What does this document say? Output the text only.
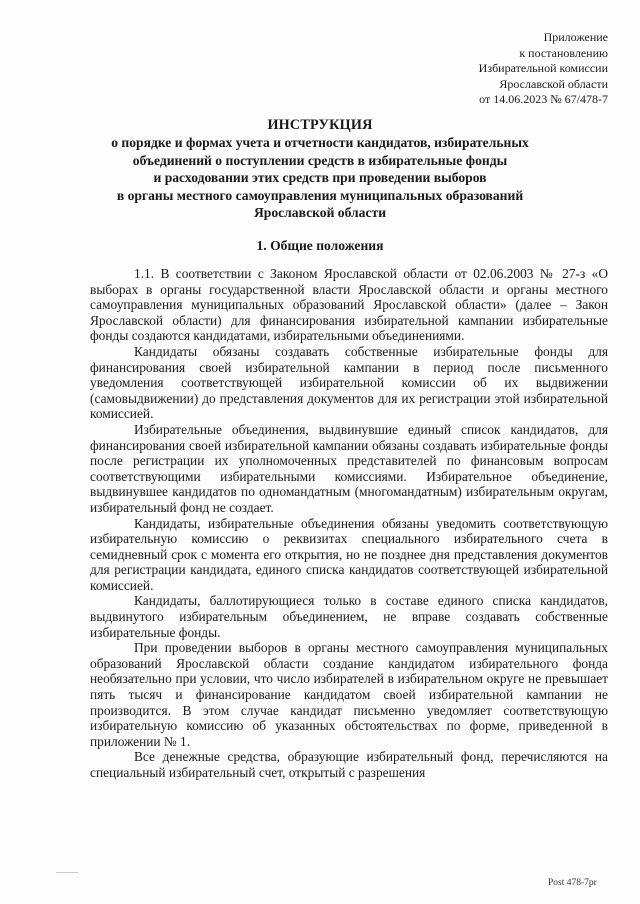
Приложение
к постановлению
Избирательной комиссии
Ярославской области
от 14.06.2023 № 67/478-7
ИНСТРУКЦИЯ
о порядке и формах учета и отчетности кандидатов, избирательных
объединений о поступлении средств в избирательные фонды
и расходовании этих средств при проведении выборов
в органы местного самоуправления муниципальных образований
Ярославской области
1. Общие положения

1.1. В соответствии с Законом Ярославской области от 02.06.2003 № 27-з «О выборах в органы государственной власти Ярославской области и органы местного самоуправления муниципальных образований Ярославской области» (далее – Закон Ярославской области) для финансирования избирательной кампании избирательные фонды создаются кандидатами, избирательными объединениями.

Кандидаты обязаны создавать собственные избирательные фонды для финансирования своей избирательной кампании в период после письменного уведомления соответствующей избирательной комиссии об их выдвижении (самовыдвижении) до представления документов для их регистрации этой избирательной комиссией.

Избирательные объединения, выдвинувшие единый список кандидатов, для финансирования своей избирательной кампании обязаны создавать избирательные фонды после регистрации их уполномоченных представителей по финансовым вопросам соответствующими избирательными комиссиями. Избирательное объединение, выдвинувшее кандидатов по одномандатным (многомандатным) избирательным округам, избирательный фонд не создает.

Кандидаты, избирательные объединения обязаны уведомить соответствующую избирательную комиссию о реквизитах специального избирательного счета в семидневный срок с момента его открытия, но не позднее дня представления документов для регистрации кандидата, единого списка кандидатов соответствующей избирательной комиссией.

Кандидаты, баллотирующиеся только в составе единого списка кандидатов, выдвинутого избирательным объединением, не вправе создавать собственные избирательные фонды.

При проведении выборов в органы местного самоуправления муниципальных образований Ярославской области создание кандидатом избирательного фонда необязательно при условии, что число избирателей в избирательном округе не превышает пять тысяч и финансирование кандидатом своей избирательной кампании не производится. В этом случае кандидат письменно уведомляет соответствующую избирательную комиссию об указанных обстоятельствах по форме, приведенной в приложении № 1.

Все денежные средства, образующие избирательный фонд, перечисляются на специальный избирательный счет, открытый с разрешения

Post 478-7pr
